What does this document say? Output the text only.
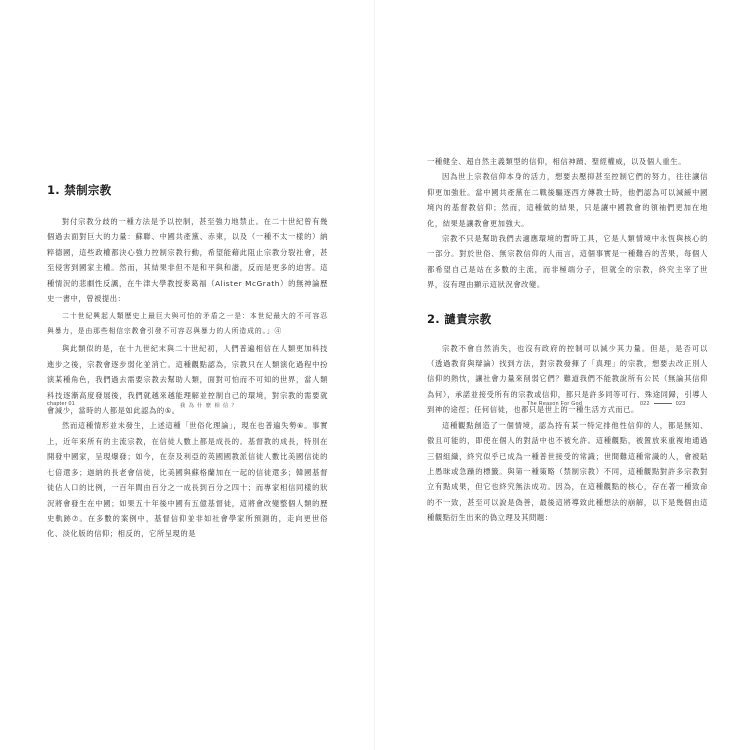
1. 禁制宗教

對付宗教分歧的一種方法是予以控制，甚至強力地禁止。在二十世紀曾有幾個過去面對巨大的力量：蘇聯、中國共產黨、赤柬，以及（一種不太一樣的）納粹德國，這些政權都決心強力控制宗教行動，希望能藉此阻止宗教分裂社會，甚至侵害到國家主權。然而，其結果非但不是和平與和諧，反而是更多的迫害。這種情況的悲劇性反諷，在牛津大學教授麥葛福（Alister McGrath）的無神論歷史一書中，曾被提出：

二十世紀興起人類歷史上最巨大與可怕的矛盾之一是：本世紀最大的不可容忍與暴力，是由那些相信宗教會引發不可容忍與暴力的人所造成的。」④

與此類似的是，在十九世紀末與二十世紀初，人們普遍相信在人類更加科技進步之後，宗教會逐步弱化並消亡。這種觀點認為，宗教只在人類演化過程中扮演某種角色，我們過去需要宗教去幫助人類，面對可怕而不可知的世界，當人類科技逐漸高度發展後，我們就越來越能理解並控制自己的環境，對宗教的需要就會減少，當時的人都是如此認為的⑤。

然而這種情形並未發生，上述這種「世俗化理論」，現在也普遍失勢⑥。事實上，近年來所有的主流宗教，在信徒人數上都是成長的。基督教的成長，特別在開發中國家，呈現爆發；如今，在奈及利亞的英國國教派信徒人數比美國信徒的七倍還多；迦納的長老會信徒，比美國與蘇格蘭加在一起的信徒還多；韓國基督徒佔人口的比例，一百年間由百分之一成長到百分之四十；而專家相信同樣的狀況將會發生在中國；如果五十年後中國有五億基督徒，這將會改變整個人類的歷史軌跡⑦。在多數的案例中，基督信仰並非如社會學家所預測的，走向更世俗化、淡化版的信仰；相反的，它所呈現的是

chapter 01	我 為 什 麼 相 信 ？

一種健全、超自然主義類型的信仰，相信神蹟、聖經權威，以及個人重生。

因為世上宗教信仰本身的活力，想要去壓抑甚至控制它們的努力，往往讓信仰更加強壯。當中國共產黨在二戰後驅逐西方傳教士時，他們認為可以減緩中國境內的基督教信仰；然而，這種做的結果，只是讓中國教會的領袖們更加在地化，結果是讓教會更加強大。

宗教不只是幫助我們去適應環境的暫時工具，它是人類情境中永恆與核心的一部分。對於世俗、無宗教信仰的人而言，這個事實是一種難吞的苦果，每個人都希望自己是站在多數的主流，而非極端分子，但就全的宗教，終究主宰了世界，沒有理由顯示這狀況會改變。

2. 譴責宗教

宗教不會自然消失，也沒有政府的控制可以減少其力量。但是，是否可以（透過教育與辯論）找到方法，對宗教發揮了「真理」的宗教，想要去改正別人信仰的熱忱，讓社會力量來削弱它們？難道我們不能教說所有公民（無論其信仰為何），承諾並接受所有的宗教或信仰，都只是許多同等可行、殊途同歸，引導人到神的途徑；任何信徒，也都只是世上的一種生活方式而已。

這種觀點創造了一個情境，認為持有某一特定排他性信仰的人，都是無知、傲且可能的，即使在個人的對話中也不被允許。這種觀點，被置放來重複地通過三個組織，終究似乎已成為一種普世接受的常識；世間難這種常識的人，會被貼上愚昧或急躁的標籤。與第一種策略（禁制宗教）不同，這種觀點對許多宗教對立有點成果，但它也終究無法成功。因為，在這種觀點的核心，存在著一種致命的不一致，甚至可以說是偽善，最後這將導致此種想法的崩解，以下是幾個由這種觀點衍生出來的偽立理及其問題：

The Reason For God	022	023
